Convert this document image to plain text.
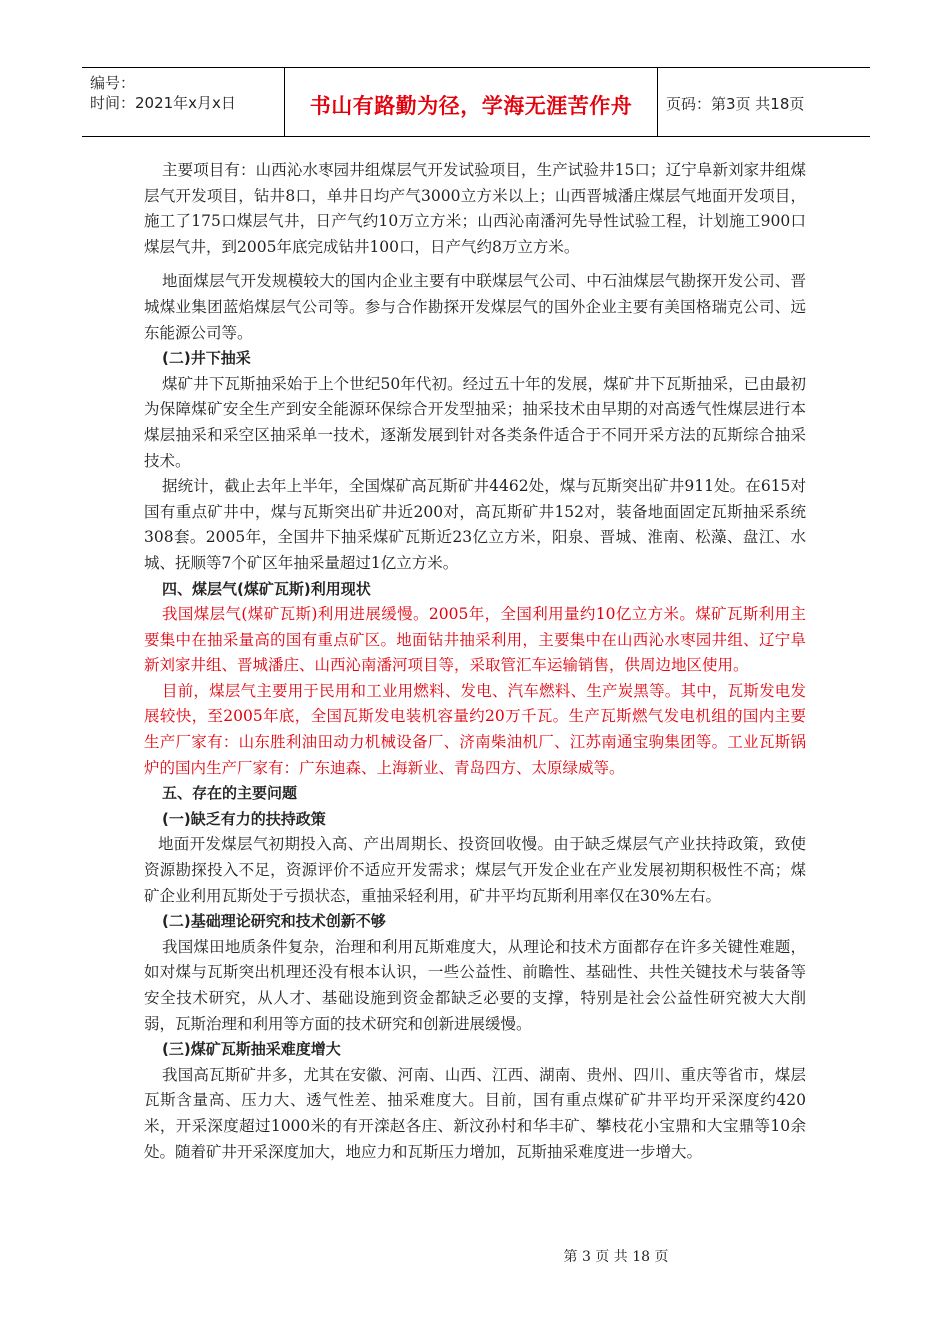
编号：
时间：2021年x月x日	书山有路勤为径，学海无涯苦作舟	页码：第3页 共18页

主要项目有：山西沁水枣园井组煤层气开发试验项目，生产试验井15口；辽宁阜新刘家井组煤层气开发项目，钻井8口，单井日均产气3000立方米以上；山西晋城潘庄煤层气地面开发项目，施工了175口煤层气井，日产气约10万立方米；山西沁南潘河先导性试验工程，计划施工900口煤层气井，到2005年底完成钻井100口，日产气约8万立方米。

地面煤层气开发规模较大的国内企业主要有中联煤层气公司、中石油煤层气勘探开发公司、晋城煤业集团蓝焰煤层气公司等。参与合作勘探开发煤层气的国外企业主要有美国格瑞克公司、远东能源公司等。

(二)井下抽采

煤矿井下瓦斯抽采始于上个世纪50年代初。经过五十年的发展，煤矿井下瓦斯抽采，已由最初为保障煤矿安全生产到安全能源环保综合开发型抽采；抽采技术由早期的对高透气性煤层进行本煤层抽采和采空区抽采单一技术，逐渐发展到针对各类条件适合于不同开采方法的瓦斯综合抽采技术。

据统计，截止去年上半年，全国煤矿高瓦斯矿井4462处，煤与瓦斯突出矿井911处。在615对国有重点矿井中，煤与瓦斯突出矿井近200对，高瓦斯矿井152对，装备地面固定瓦斯抽采系统308套。2005年，全国井下抽采煤矿瓦斯近23亿立方米，阳泉、晋城、淮南、松藻、盘江、水城、抚顺等7个矿区年抽采量超过1亿立方米。

四、煤层气(煤矿瓦斯)利用现状

我国煤层气(煤矿瓦斯)利用进展缓慢。2005年，全国利用量约10亿立方米。煤矿瓦斯利用主要集中在抽采量高的国有重点矿区。地面钻井抽采利用，主要集中在山西沁水枣园井组、辽宁阜新刘家井组、晋城潘庄、山西沁南潘河项目等，采取管汇车运输销售，供周边地区使用。

目前，煤层气主要用于民用和工业用燃料、发电、汽车燃料、生产炭黑等。其中，瓦斯发电发展较快，至2005年底，全国瓦斯发电装机容量约20万千瓦。生产瓦斯燃气发电机组的国内主要生产厂家有：山东胜利油田动力机械设备厂、济南柴油机厂、江苏南通宝驹集团等。工业瓦斯锅炉的国内生产厂家有：广东迪森、上海新业、青岛四方、太原绿威等。

五、存在的主要问题

(一)缺乏有力的扶持政策

地面开发煤层气初期投入高、产出周期长、投资回收慢。由于缺乏煤层气产业扶持政策，致使资源勘探投入不足，资源评价不适应开发需求；煤层气开发企业在产业发展初期积极性不高；煤矿企业利用瓦斯处于亏损状态，重抽采轻利用，矿井平均瓦斯利用率仅在30%左右。

(二)基础理论研究和技术创新不够

我国煤田地质条件复杂，治理和利用瓦斯难度大，从理论和技术方面都存在许多关键性难题，如对煤与瓦斯突出机理还没有根本认识，一些公益性、前瞻性、基础性、共性关键技术与装备等安全技术研究，从人才、基础设施到资金都缺乏必要的支撑，特别是社会公益性研究被大大削弱，瓦斯治理和利用等方面的技术研究和创新进展缓慢。

(三)煤矿瓦斯抽采难度增大

我国高瓦斯矿井多，尤其在安徽、河南、山西、江西、湖南、贵州、四川、重庆等省市，煤层瓦斯含量高、压力大、透气性差、抽采难度大。目前，国有重点煤矿矿井平均开采深度约420米，开采深度超过1000米的有开滦赵各庄、新汶孙村和华丰矿、攀枝花小宝鼎和大宝鼎等10余处。随着矿井开采深度加大，地应力和瓦斯压力增加，瓦斯抽采难度进一步增大。

第 3 页 共 18 页
